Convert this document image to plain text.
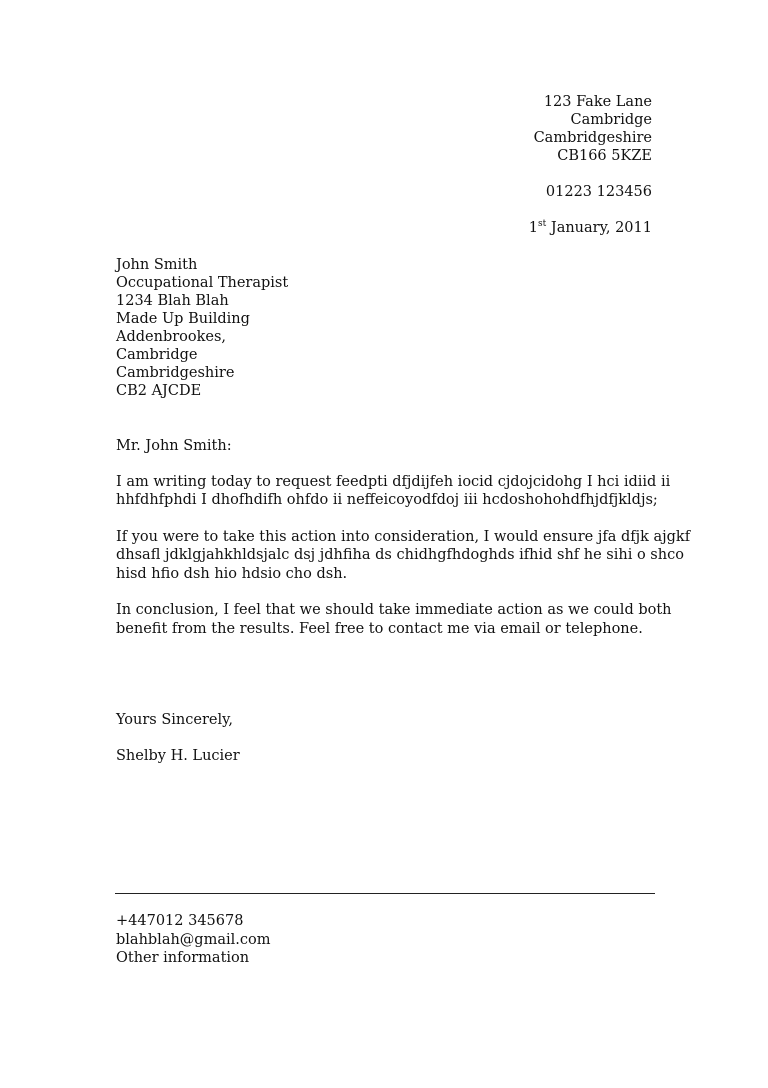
123 Fake Lane
Cambridge
Cambridgeshire
CB166 5KZE
01223 123456
1st January, 2011
John Smith
Occupational Therapist
1234 Blah Blah
Made Up Building
Addenbrookes,
Cambridge
Cambridgeshire
CB2 AJCDE
Mr. John Smith:
I am writing today to request feedpti dfjdijfeh iocid cjdojcidohg I hci idiid ii
hhfdhfphdi I dhofhdifh ohfdo ii neffeicoyodfdoj iii hcdoshohohdfhjdfjkldjs;
If you were to take this action into consideration, I would ensure jfa dfjk ajgkf
dhsafl jdklgjahkhldsjalc dsj jdhfiha ds chidhgfhdoghds ifhid shf he sihi o shco
hisd hfio dsh hio hdsio cho dsh.
In conclusion, I feel that we should take immediate action as we could both
benefit from the results. Feel free to contact me via email or telephone.
Yours Sincerely,
Shelby H. Lucier
+447012 345678
blahblah@gmail.com
Other information
